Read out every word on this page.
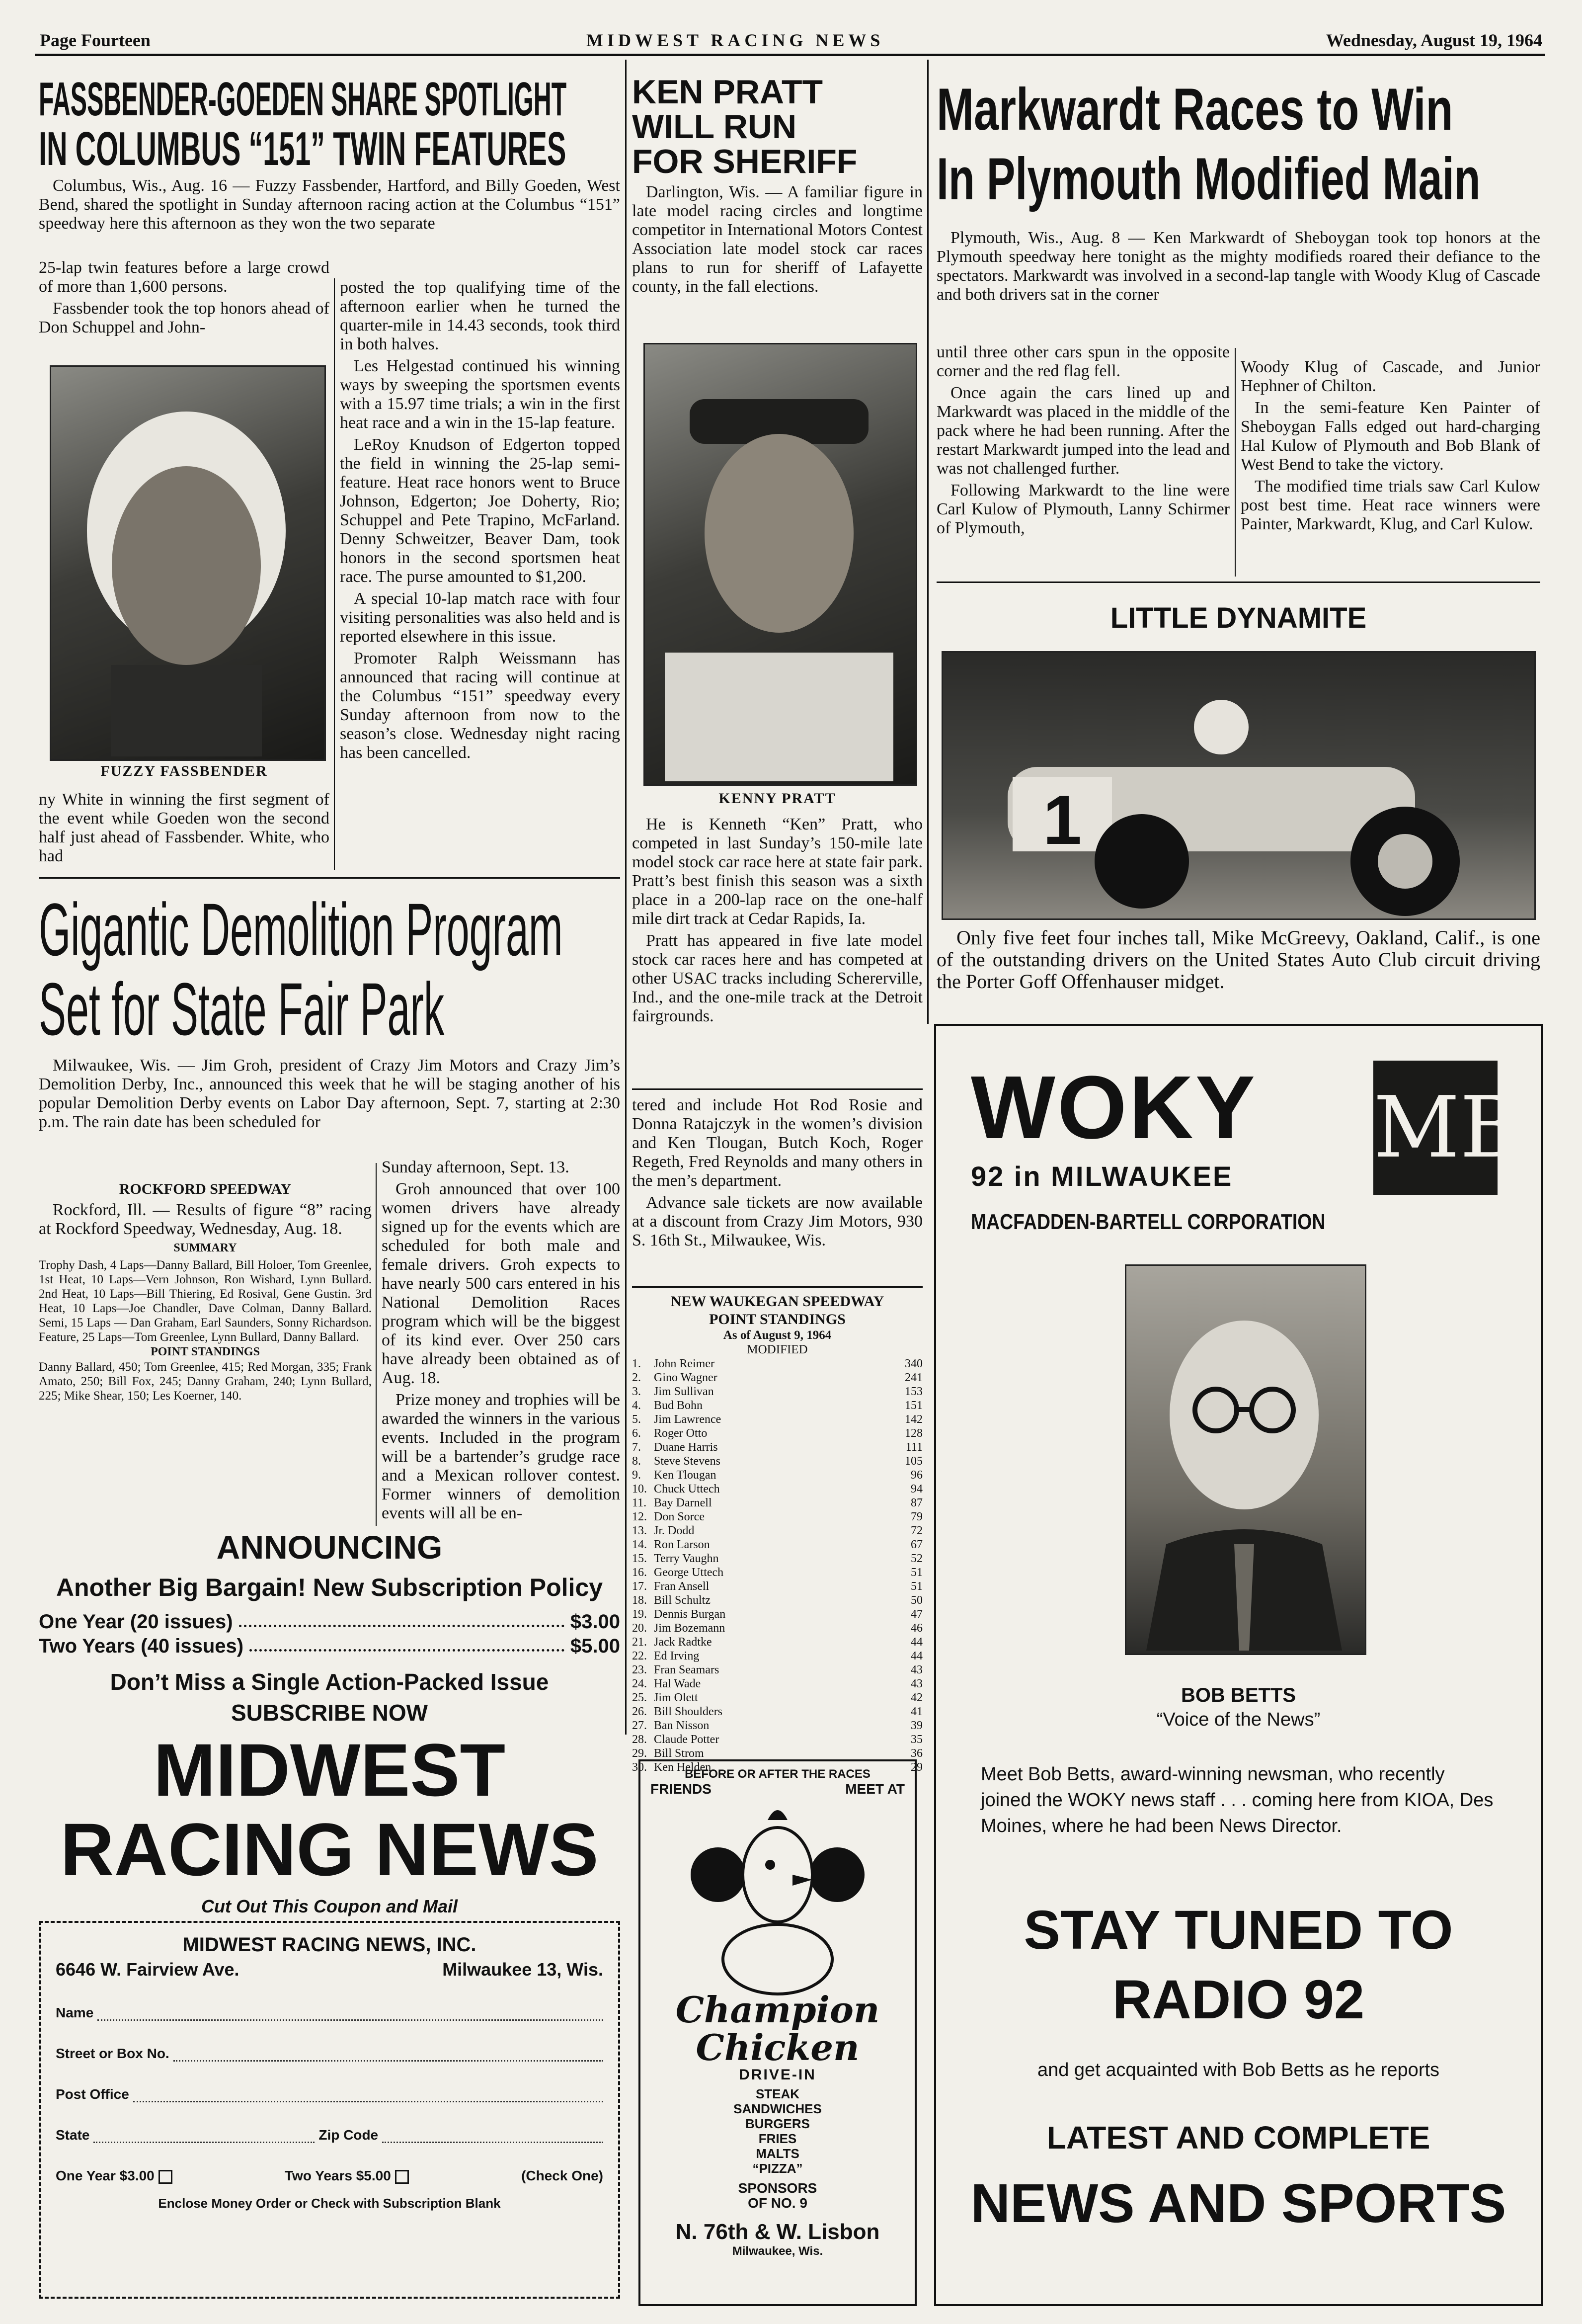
Page Fourteen	MIDWEST RACING NEWS	Wednesday, August 19, 1964
FASSBENDER-GOEDEN SHARE SPOTLIGHT
IN COLUMBUS “151” TWIN FEATURES

Columbus, Wis., Aug. 16 — Fuzzy Fassbender, Hartford, and Billy Goeden, West Bend, shared the spotlight in Sunday afternoon racing action at the Columbus “151” speedway here this afternoon as they won the two separate

25-lap twin features before a large crowd of more than 1,600 persons.

Fassbender took the top honors ahead of Don Schuppel and John-

FUZZY FASSBENDER

ny White in winning the first segment of the event while Goeden won the second half just ahead of Fassbender. White, who had

posted the top qualifying time of the afternoon earlier when he turned the quarter-mile in 14.43 seconds, took third in both halves.

Les Helgestad continued his winning ways by sweeping the sportsmen events with a 15.97 time trials; a win in the first heat race and a win in the 15-lap feature.

LeRoy Knudson of Edgerton topped the field in winning the 25-lap semi-feature. Heat race honors went to Bruce Johnson, Edgerton; Joe Doherty, Rio; Schuppel and Pete Trapino, McFarland. Denny Schweitzer, Beaver Dam, took honors in the second sportsmen heat race. The purse amounted to $1,200.

A special 10-lap match race with four visiting personalities was also held and is reported elsewhere in this issue.

Promoter Ralph Weissmann has announced that racing will continue at the Columbus “151” speedway every Sunday afternoon from now to the season’s close. Wednesday night racing has been cancelled.

Gigantic Demolition Program
Set for State Fair Park

Milwaukee, Wis. — Jim Groh, president of Crazy Jim Motors and Crazy Jim’s Demolition Derby, Inc., announced this week that he will be staging another of his popular Demolition Derby events on Labor Day afternoon, Sept. 7, starting at 2:30 p.m. The rain date has been scheduled for

ROCKFORD SPEEDWAY

Rockford, Ill. — Results of figure “8” racing at Rockford Speedway, Wednesday, Aug. 18.

SUMMARY
Trophy Dash, 4 Laps—Danny Ballard, Bill Holoer, Tom Greenlee, 1st Heat, 10 Laps—Vern Johnson, Ron Wishard, Lynn Bullard. 2nd Heat, 10 Laps—Bill Thiering, Ed Rosival, Gene Gustin. 3rd Heat, 10 Laps—Joe Chandler, Dave Colman, Danny Ballard. Semi, 15 Laps — Dan Graham, Earl Saunders, Sonny Richardson. Feature, 25 Laps—Tom Greenlee, Lynn Bullard, Danny Ballard.
POINT STANDINGS
Danny Ballard, 450; Tom Greenlee, 415; Red Morgan, 335; Frank Amato, 250; Bill Fox, 245; Danny Graham, 240; Lynn Bullard, 225; Mike Shear, 150; Les Koerner, 140.

Sunday afternoon, Sept. 13.

Groh announced that over 100 women drivers have already signed up for the events which are scheduled for both male and female drivers. Groh expects to have nearly 500 cars entered in his National Demolition Races program which will be the biggest of its kind ever. Over 250 cars have already been obtained as of Aug. 18.

Prize money and trophies will be awarded the winners in the various events. Included in the program will be a bartender’s grudge race and a Mexican rollover contest. Former winners of demolition events will all be en-

ANNOUNCING
Another Big Bargain! New Subscription Policy
One Year (20 issues)	$3.00
Two Years (40 issues)	$5.00
Don’t Miss a Single Action-Packed Issue
SUBSCRIBE NOW
MIDWEST
RACING NEWS
Cut Out This Coupon and Mail
MIDWEST RACING NEWS, INC.
6646 W. Fairview Ave.	Milwaukee 13, Wis.
Name
Street or Box No.
Post Office
State	Zip Code
One Year $3.00	Two Years $5.00	(Check One)
Enclose Money Order or Check with Subscription Blank
KEN PRATT
WILL RUN
FOR SHERIFF

Darlington, Wis. — A familiar figure in late model racing circles and longtime competitor in International Motors Contest Association late model stock car races plans to run for sheriff of Lafayette county, in the fall elections.

KENNY PRATT

He is Kenneth “Ken” Pratt, who competed in last Sunday’s 150-mile late model stock car race here at state fair park. Pratt’s best finish this season was a sixth place in a 200-lap race on the one-half mile dirt track at Cedar Rapids, Ia.

Pratt has appeared in five late model stock car races here and has competed at other USAC tracks including Schererville, Ind., and the one-mile track at the Detroit fairgrounds.

tered and include Hot Rod Rosie and Donna Ratajczyk in the women’s division and Ken Tlougan, Butch Koch, Roger Regeth, Fred Reynolds and many others in the men’s department.

Advance sale tickets are now available at a discount from Crazy Jim Motors, 930 S. 16th St., Milwaukee, Wis.

NEW WAUKEGAN SPEEDWAY
POINT STANDINGS
As of August 9, 1964
MODIFIED
1.	John Reimer		340
2.	Gino Wagner		241
3.	Jim Sullivan		153
4.	Bud Bohn		151
5.	Jim Lawrence		142
6.	Roger Otto		128
7.	Duane Harris		111
8.	Steve Stevens		105
9.	Ken Tlougan		96
10.	Chuck Uttech		94
11.	Bay Darnell		87
12.	Don Sorce		79
13.	Jr. Dodd		72
14.	Ron Larson		67
15.	Terry Vaughn		52
16.	George Uttech		51
17.	Fran Ansell		51
18.	Bill Schultz		50
19.	Dennis Burgan		47
20.	Jim Bozemann		46
21.	Jack Radtke		44
22.	Ed Irving		44
23.	Fran Seamars		43
24.	Hal Wade		43
25.	Jim Olett		42
26.	Bill Shoulders		41
27.	Ban Nisson		39
28.	Claude Potter		35
29.	Bill Strom		36
30.	Ken Helden		29
BEFORE OR AFTER THE RACES
FRIENDS	MEET AT
Champion
Chicken
DRIVE-IN
STEAK
SANDWICHES
BURGERS
FRIES
MALTS
“PIZZA”
SPONSORS
OF NO. 9
N. 76th & W. Lisbon
Milwaukee, Wis.
Markwardt Races to Win
In Plymouth Modified Main

Plymouth, Wis., Aug. 8 — Ken Markwardt of Sheboygan took top honors at the Plymouth speedway here tonight as the mighty modifieds roared their defiance to the spectators. Markwardt was involved in a second-lap tangle with Woody Klug of Cascade and both drivers sat in the corner

until three other cars spun in the opposite corner and the red flag fell.

Once again the cars lined up and Markwardt was placed in the middle of the pack where he had been running. After the restart Markwardt jumped into the lead and was not challenged further.

Following Markwardt to the line were Carl Kulow of Plymouth, Lanny Schirmer of Plymouth,

Woody Klug of Cascade, and Junior Hephner of Chilton.

In the semi-feature Ken Painter of Sheboygan Falls edged out hard-charging Hal Kulow of Plymouth and Bob Blank of West Bend to take the victory.

The modified time trials saw Carl Kulow post best time. Heat race winners were Painter, Markwardt, Klug, and Carl Kulow.

LITTLE DYNAMITE
1

Only five feet four inches tall, Mike McGreevy, Oakland, Calif., is one of the outstanding drivers on the United States Auto Club circuit driving the Porter Goff Offenhauser midget.

WOKY
92 in MILWAUKEE MB
MACFADDEN-BARTELL CORPORATION
BOB BETTS
“Voice of the News”
Meet Bob Betts, award-winning newsman, who recently joined the WOKY news staff . . . coming here from KIOA, Des Moines, where he had been News Director.
STAY TUNED TO
RADIO 92
and get acquainted with Bob Betts as he reports
LATEST AND COMPLETE
NEWS AND SPORTS
